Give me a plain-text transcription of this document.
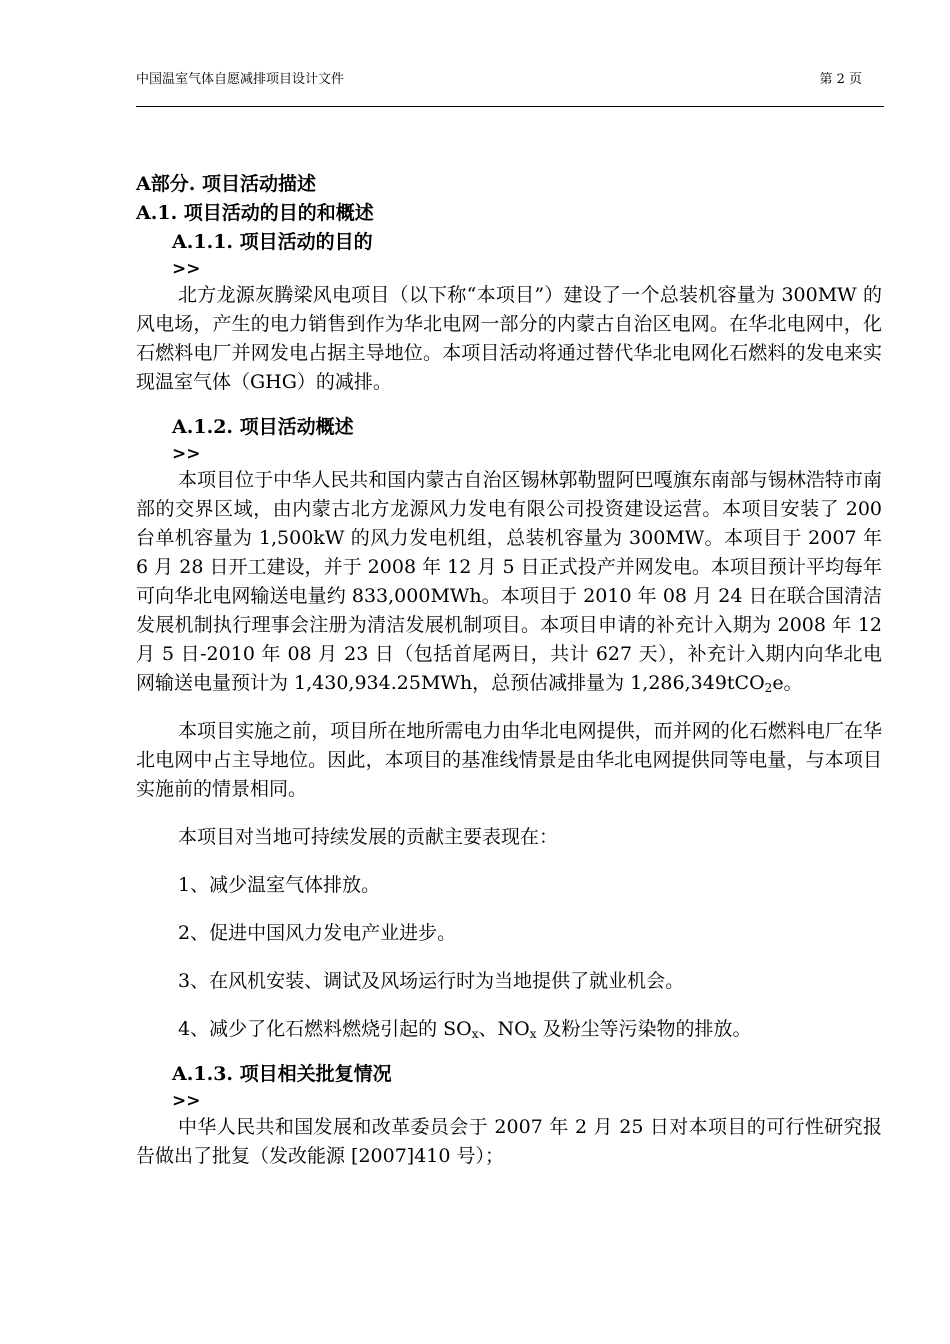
中国温室气体自愿减排项目设计文件	第 2 页

A部分. 项目活动描述

A.1. 项目活动的目的和概述

A.1.1. 项目活动的目的

>>

北方龙源灰腾梁风电项目（以下称“本项目”）建设了一个总装机容量为 300MW 的风电场，产生的电力销售到作为华北电网一部分的内蒙古自治区电网。在华北电网中，化石燃料电厂并网发电占据主导地位。本项目活动将通过替代华北电网化石燃料的发电来实现温室气体（GHG）的减排。

A.1.2. 项目活动概述

>>

本项目位于中华人民共和国内蒙古自治区锡林郭勒盟阿巴嘎旗东南部与锡林浩特市南部的交界区域，由内蒙古北方龙源风力发电有限公司投资建设运营。本项目安装了 200 台单机容量为 1,500kW 的风力发电机组，总装机容量为 300MW。本项目于 2007 年 6 月 28 日开工建设，并于 2008 年 12 月 5 日正式投产并网发电。本项目预计平均每年可向华北电网输送电量约 833,000MWh。本项目于 2010 年 08 月 24 日在联合国清洁发展机制执行理事会注册为清洁发展机制项目。本项目申请的补充计入期为 2008 年 12 月 5 日-2010 年 08 月 23 日（包括首尾两日，共计 627 天），补充计入期内向华北电网输送电量预计为 1,430,934.25MWh，总预估减排量为 1,286,349tCO$_2$e。

本项目实施之前，项目所在地所需电力由华北电网提供，而并网的化石燃料电厂在华北电网中占主导地位。因此，本项目的基准线情景是由华北电网提供同等电量，与本项目实施前的情景相同。

本项目对当地可持续发展的贡献主要表现在：

1、减少温室气体排放。

2、促进中国风力发电产业进步。

3、在风机安装、调试及风场运行时为当地提供了就业机会。

4、减少了化石燃料燃烧引起的 $SO_x$、$NO_x$ 及粉尘等污染物的排放。

A.1.3. 项目相关批复情况

>>

中华人民共和国发展和改革委员会于 2007 年 2 月 25 日对本项目的可行性研究报告做出了批复（发改能源 [2007]410 号）；
